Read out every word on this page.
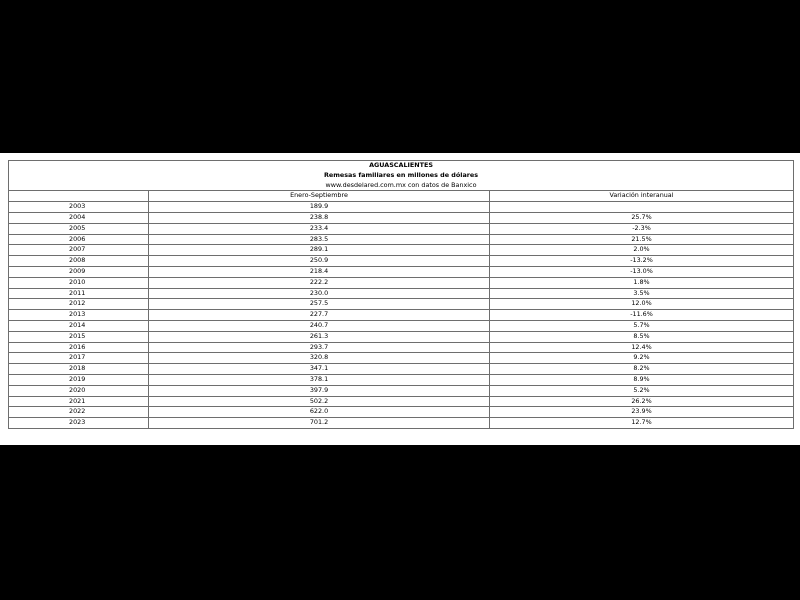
AGUASCALIENTES
Remesas familiares en millones de dólares
www.desdelared.com.mx con datos de Banxico		

	Enero-Septiembre	Variación interanual
2003	189.9	
2004	238.8	25.7%
2005	233.4	-2.3%
2006	283.5	21.5%
2007	289.1	2.0%
2008	250.9	-13.2%
2009	218.4	-13.0%
2010	222.2	1.8%
2011	230.0	3.5%
2012	257.5	12.0%
2013	227.7	-11.6%
2014	240.7	5.7%
2015	261.3	8.5%
2016	293.7	12.4%
2017	320.8	9.2%
2018	347.1	8.2%
2019	378.1	8.9%
2020	397.9	5.2%
2021	502.2	26.2%
2022	622.0	23.9%
2023	701.2	12.7%
